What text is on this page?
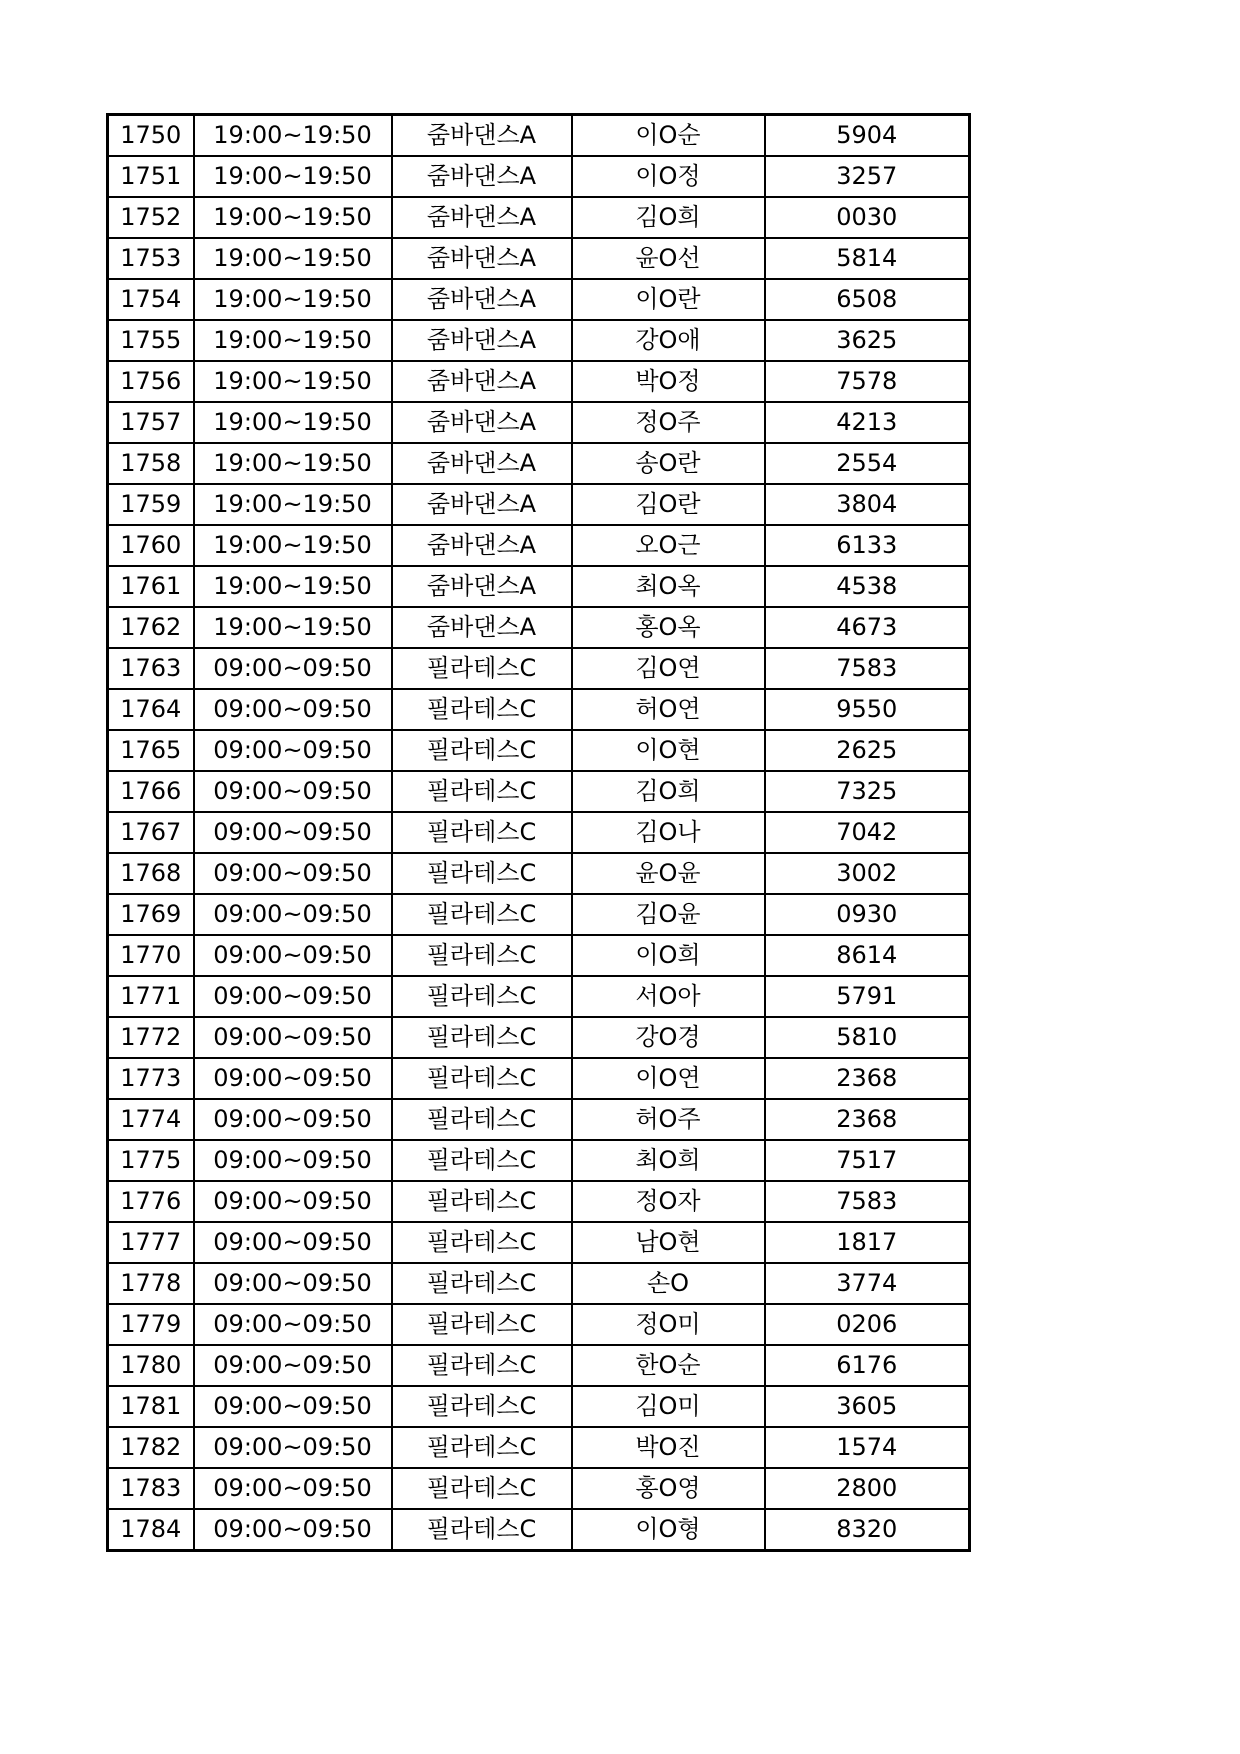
1750	19:00~19:50	줌바댄스A	이O순	5904
1751	19:00~19:50	줌바댄스A	이O정	3257
1752	19:00~19:50	줌바댄스A	김O희	0030
1753	19:00~19:50	줌바댄스A	윤O선	5814
1754	19:00~19:50	줌바댄스A	이O란	6508
1755	19:00~19:50	줌바댄스A	강O애	3625
1756	19:00~19:50	줌바댄스A	박O정	7578
1757	19:00~19:50	줌바댄스A	정O주	4213
1758	19:00~19:50	줌바댄스A	송O란	2554
1759	19:00~19:50	줌바댄스A	김O란	3804
1760	19:00~19:50	줌바댄스A	오O근	6133
1761	19:00~19:50	줌바댄스A	최O옥	4538
1762	19:00~19:50	줌바댄스A	홍O옥	4673
1763	09:00~09:50	필라테스C	김O연	7583
1764	09:00~09:50	필라테스C	허O연	9550
1765	09:00~09:50	필라테스C	이O현	2625
1766	09:00~09:50	필라테스C	김O희	7325
1767	09:00~09:50	필라테스C	김O나	7042
1768	09:00~09:50	필라테스C	윤O윤	3002
1769	09:00~09:50	필라테스C	김O윤	0930
1770	09:00~09:50	필라테스C	이O희	8614
1771	09:00~09:50	필라테스C	서O아	5791
1772	09:00~09:50	필라테스C	강O경	5810
1773	09:00~09:50	필라테스C	이O연	2368
1774	09:00~09:50	필라테스C	허O주	2368
1775	09:00~09:50	필라테스C	최O희	7517
1776	09:00~09:50	필라테스C	정O자	7583
1777	09:00~09:50	필라테스C	남O현	1817
1778	09:00~09:50	필라테스C	손O	3774
1779	09:00~09:50	필라테스C	정O미	0206
1780	09:00~09:50	필라테스C	한O순	6176
1781	09:00~09:50	필라테스C	김O미	3605
1782	09:00~09:50	필라테스C	박O진	1574
1783	09:00~09:50	필라테스C	홍O영	2800
1784	09:00~09:50	필라테스C	이O형	8320
